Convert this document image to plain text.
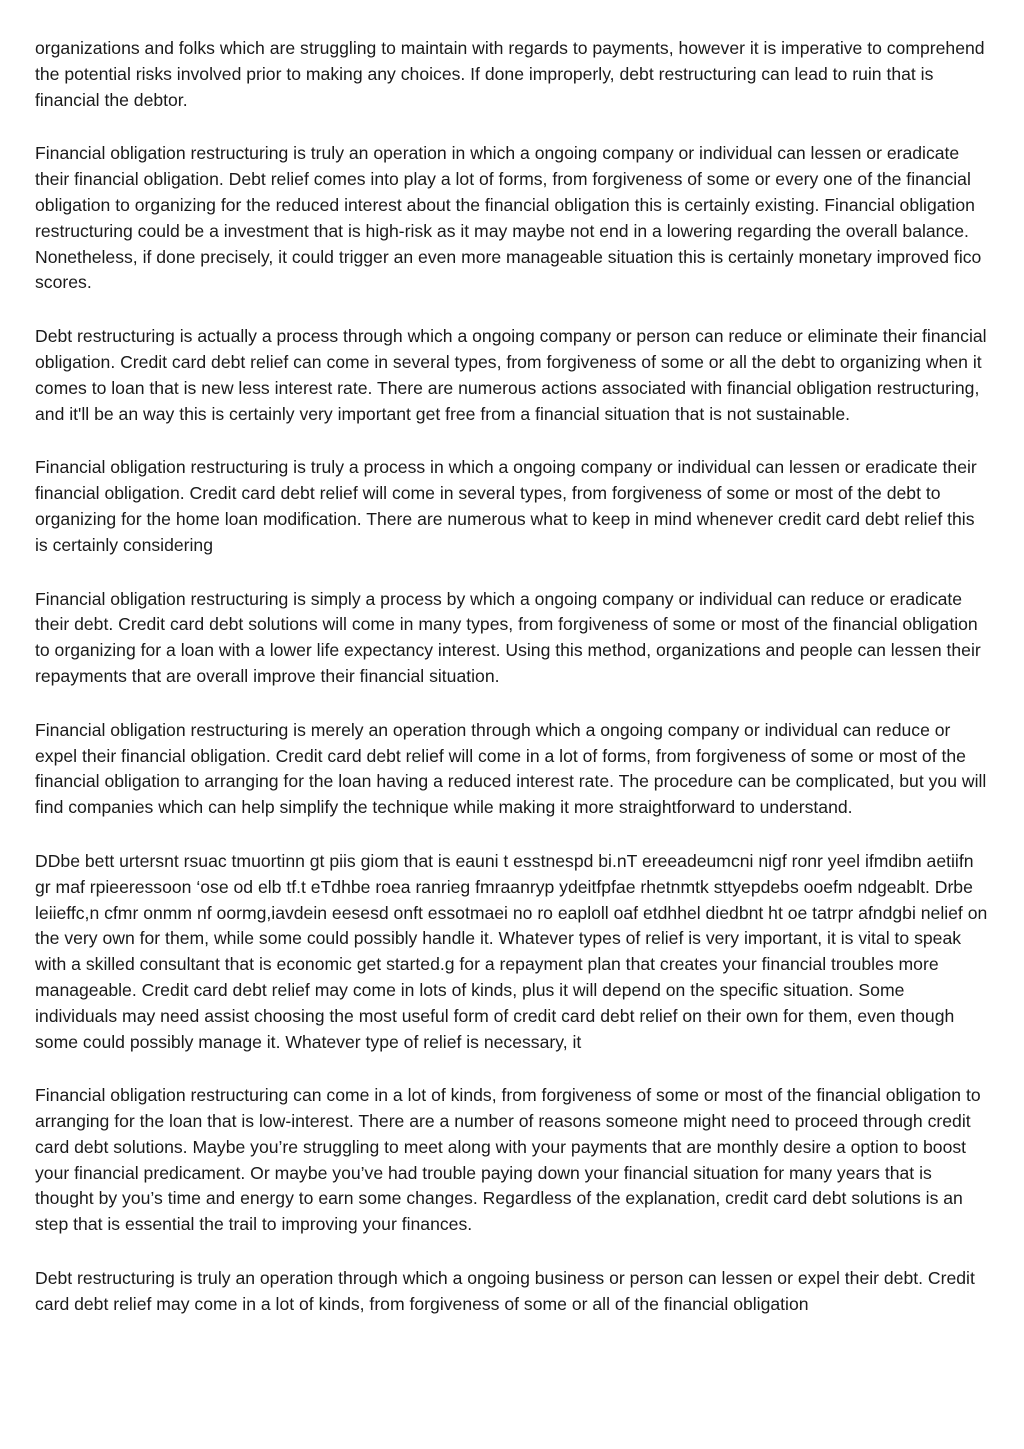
organizations and folks which are struggling to maintain with regards to payments, however it is imperative to comprehend the potential risks involved prior to making any choices. If done improperly, debt restructuring can lead to ruin that is financial the debtor.

Financial obligation restructuring is truly an operation in which a ongoing company or individual can lessen or eradicate their financial obligation. Debt relief comes into play a lot of forms, from forgiveness of some or every one of the financial obligation to organizing for the reduced interest about the financial obligation this is certainly existing. Financial obligation restructuring could be a investment that is high-risk as it may maybe not end in a lowering regarding the overall balance. Nonetheless, if done precisely, it could trigger an even more manageable situation this is certainly monetary improved fico scores.

Debt restructuring is actually a process through which a ongoing company or person can reduce or eliminate their financial obligation. Credit card debt relief can come in several types, from forgiveness of some or all the debt to organizing when it comes to loan that is new less interest rate. There are numerous actions associated with financial obligation restructuring, and it'll be an way this is certainly very important get free from a financial situation that is not sustainable.

Financial obligation restructuring is truly a process in which a ongoing company or individual can lessen or eradicate their financial obligation. Credit card debt relief will come in several types, from forgiveness of some or most of the debt to organizing for the home loan modification. There are numerous what to keep in mind whenever credit card debt relief this is certainly considering

Financial obligation restructuring is simply a process by which a ongoing company or individual can reduce or eradicate their debt. Credit card debt solutions will come in many types, from forgiveness of some or most of the financial obligation to organizing for a loan with a lower life expectancy interest. Using this method, organizations and people can lessen their repayments that are overall improve their financial situation.

Financial obligation restructuring is merely an operation through which a ongoing company or individual can reduce or expel their financial obligation. Credit card debt relief will come in a lot of forms, from forgiveness of some or most of the financial obligation to arranging for the loan having a reduced interest rate. The procedure can be complicated, but you will find companies which can help simplify the technique while making it more straightforward to understand.

DDbe bett urtersnt rsuac tmuortinn gt piis giom that is eauni t esstnespd bi.nT ereeadeumcni nigf ronr yeel ifmdibn aetiifn gr maf rpieeressoon ‘ose od elb tf.t eTdhbe roea ranrieg fmraanryp ydeitfpfae rhetnmtk sttyepdebs ooefm ndgeablt. Drbe leiieffc,n cfmr onmm nf oormg,iavdein eesesd onft essotmaei no ro eaploll oaf etdhhel diedbnt ht oe tatrpr afndgbi nelief on the very own for them, while some could possibly handle it. Whatever types of relief is very important, it is vital to speak with a skilled consultant that is economic get started.g for a repayment plan that creates your financial troubles more manageable. Credit card debt relief may come in lots of kinds, plus it will depend on the specific situation. Some individuals may need assist choosing the most useful form of credit card debt relief on their own for them, even though some could possibly manage it. Whatever type of relief is necessary, it

Financial obligation restructuring can come in a lot of kinds, from forgiveness of some or most of the financial obligation to arranging for the loan that is low-interest. There are a number of reasons someone might need to proceed through credit card debt solutions. Maybe you’re struggling to meet along with your payments that are monthly desire a option to boost your financial predicament. Or maybe you’ve had trouble paying down your financial situation for many years that is thought by you’s time and energy to earn some changes. Regardless of the explanation, credit card debt solutions is an step that is essential the trail to improving your finances.

Debt restructuring is truly an operation through which a ongoing business or person can lessen or expel their debt. Credit card debt relief may come in a lot of kinds, from forgiveness of some or all of the financial obligation
